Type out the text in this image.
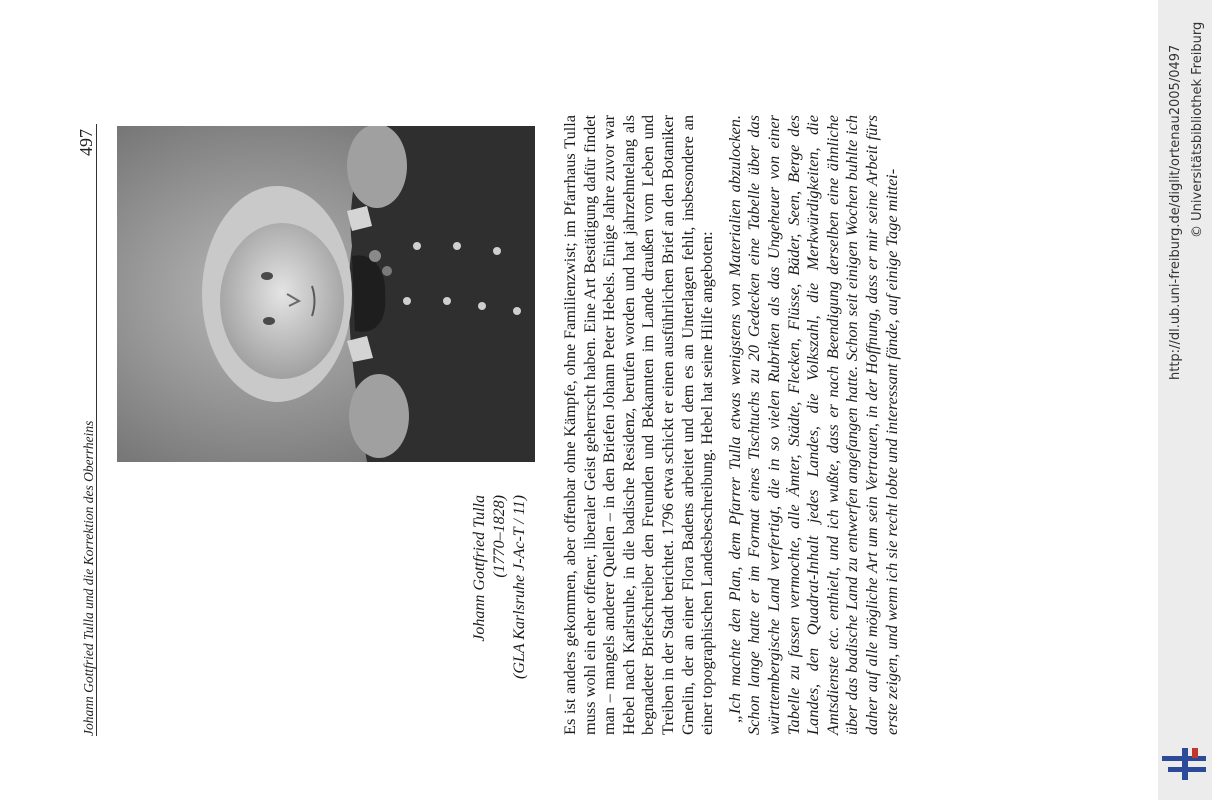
Johann Gottfried Tulla und die Korrektion des Oberrheins
497
Johann Gottfried Tulla (1770–1828) (GLA Karlsruhe J-Ac-T / 11) Es ist anders gekommen, aber offenbar ohne Kämpfe, ohne Familienzwist; im Pfarrhaus Tulla muss wohl ein eher offener, liberaler Geist geherrscht haben. Eine Art Bestätigung dafür findet man – mangels anderer Quellen – in den Briefen Johann Peter Hebels. Einige Jahre zuvor war Hebel nach Karlsruhe, in die badische Residenz, berufen worden und hat jahrzehntelang als begnadeter Briefschreiber den Freunden und Bekannten im Lande draußen vom Leben und Treiben in der Stadt berichtet. 1796 etwa schickt er einen ausführlichen Brief an den Botaniker Gmelin, der an einer Flora Badens arbeitet und dem es an Unterlagen fehlt, insbesondere an einer topographischen Landesbeschreibung. Hebel hat seine Hilfe angeboten: „Ich machte den Plan, dem Pfarrer Tulla etwas wenigstens von Materialien abzulocken. Schon lange hatte er im Format eines Tischtuchs zu 20 Gedecken eine Tabelle über das württembergische Land verfertigt, die in so vielen Rubriken als das Ungeheuer von einer Tabelle zu fassen vermochte, alle Ämter, Städte, Flecken, Flüsse, Bäder, Seen, Berge des Landes, den Quadrat-Inhalt jedes Landes, die Volkszahl, die Merkwürdigkeiten, die Amtsdienste etc. enthielt, und ich wußte, dass er nach Beendigung derselben eine ähnliche über das badische Land zu entwerfen angefangen hatte. Schon seit einigen Wochen buhlte ich daher auf alle mögliche Art um sein Vertrauen, in der Hoffnung, dass er mir seine Arbeit fürs erste zeigen, und wenn ich sie recht lobte und interessant fände, auf einige Tage mittei-	http://dl.ub.uni-freiburg.de/diglit/ortenau2005/0497 © Universitätsbibliothek Freiburg
